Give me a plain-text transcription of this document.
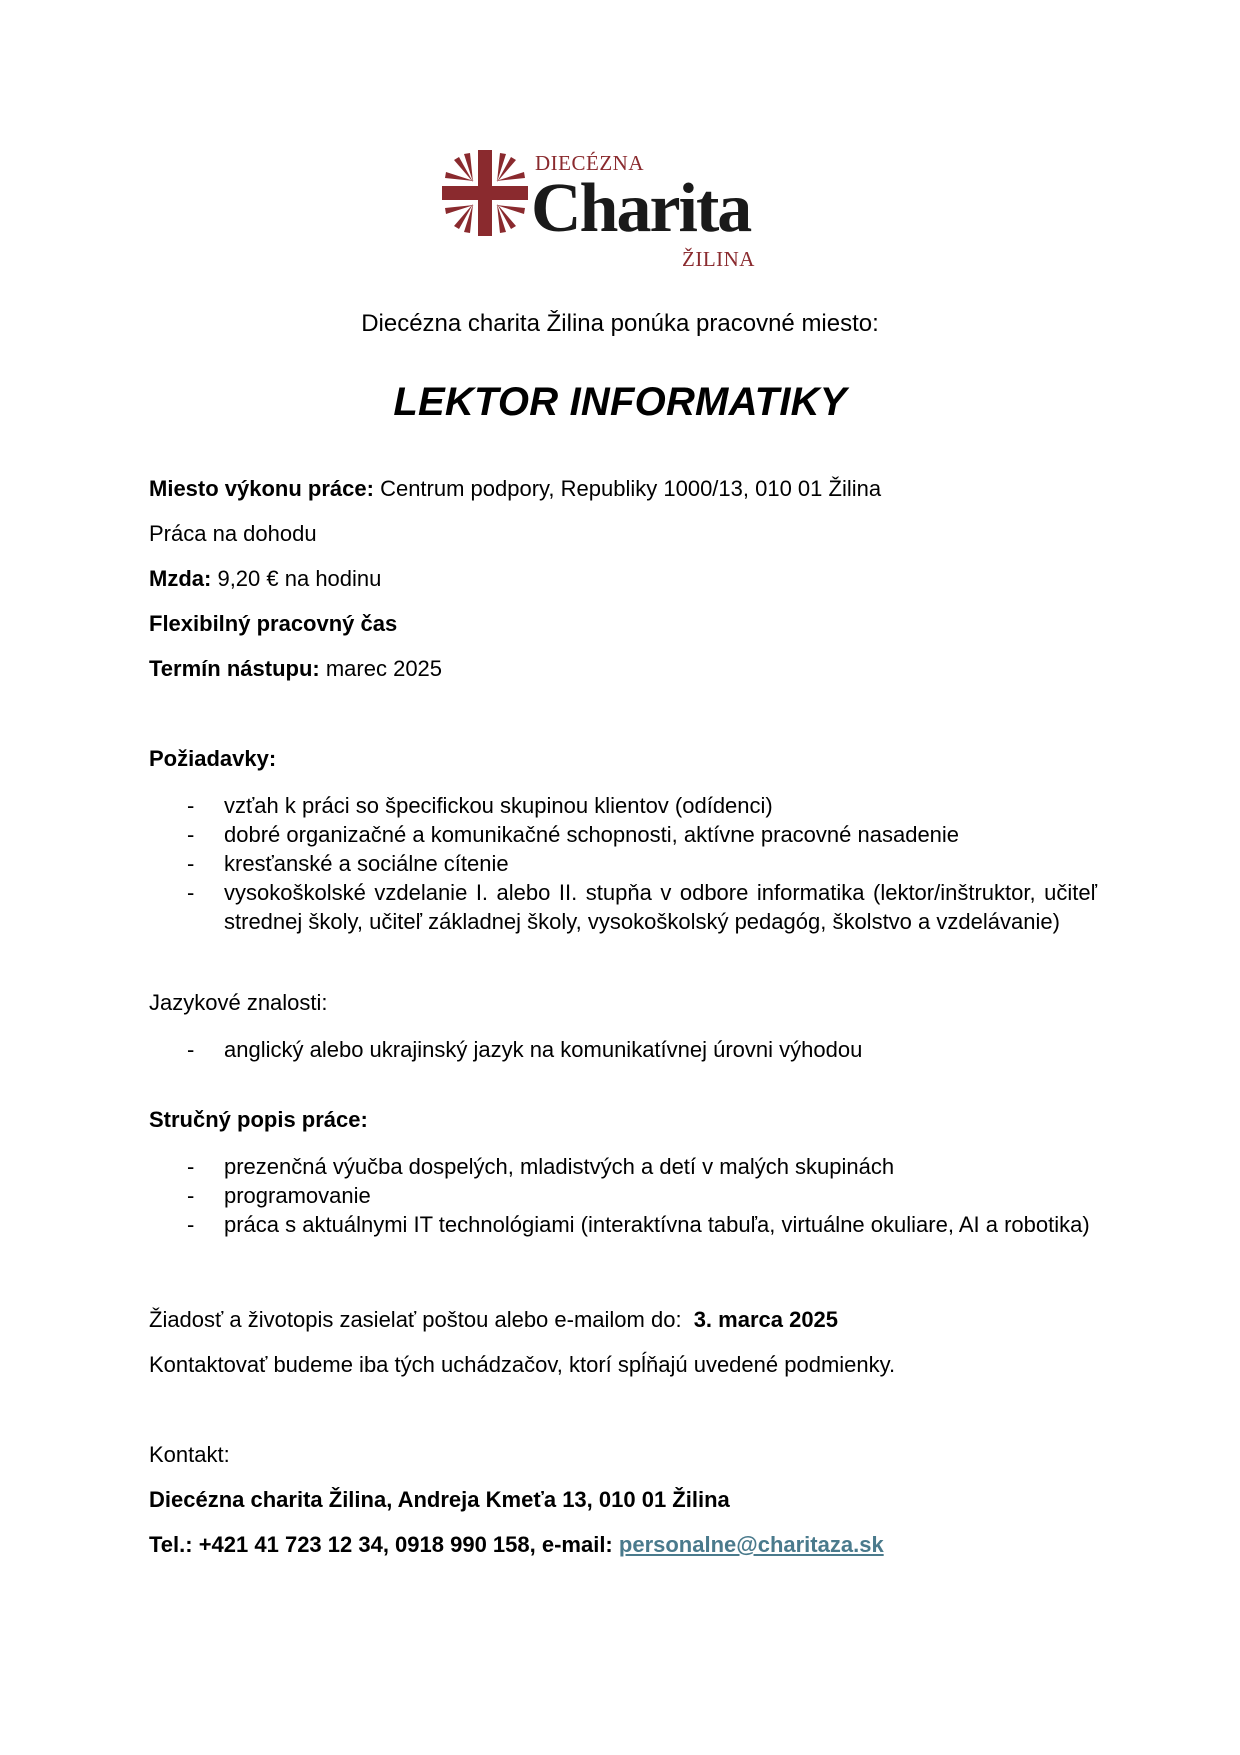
DIECÉZNA
Charita
ŽILINA
Diecézna charita Žilina ponúka pracovné miesto:
LEKTOR INFORMATIKY
Miesto výkonu práce: Centrum podpory, Republiky 1000/13, 010 01 Žilina
Práca na dohodu
Mzda: 9,20 € na hodinu
Flexibilný pracovný čas
Termín nástupu: marec 2025
Požiadavky:
- vzťah k práci so špecifickou skupinou klientov (odídenci)
- dobré organizačné a komunikačné schopnosti, aktívne pracovné nasadenie
- kresťanské a sociálne cítenie
- vysokoškolské vzdelanie I. alebo II. stupňa v odbore informatika (lektor/inštruktor, učiteľ strednej školy, učiteľ základnej školy, vysokoškolský pedagóg, školstvo a vzdelávanie)
Jazykové znalosti:
- anglický alebo ukrajinský jazyk na komunikatívnej úrovni výhodou
Stručný popis práce:
- prezenčná výučba dospelých, mladistvých a detí v malých skupinách
- programovanie
- práca s aktuálnymi IT technológiami (interaktívna tabuľa, virtuálne okuliare, AI a robotika)
Žiadosť a životopis zasielať poštou alebo e-mailom do: 3. marca 2025
Kontaktovať budeme iba tých uchádzačov, ktorí spĺňajú uvedené podmienky.
Kontakt:
Diecézna charita Žilina, Andreja Kmeťa 13, 010 01 Žilina
Tel.: +421 41 723 12 34, 0918 990 158, e-mail: personalne@charitaza.sk
